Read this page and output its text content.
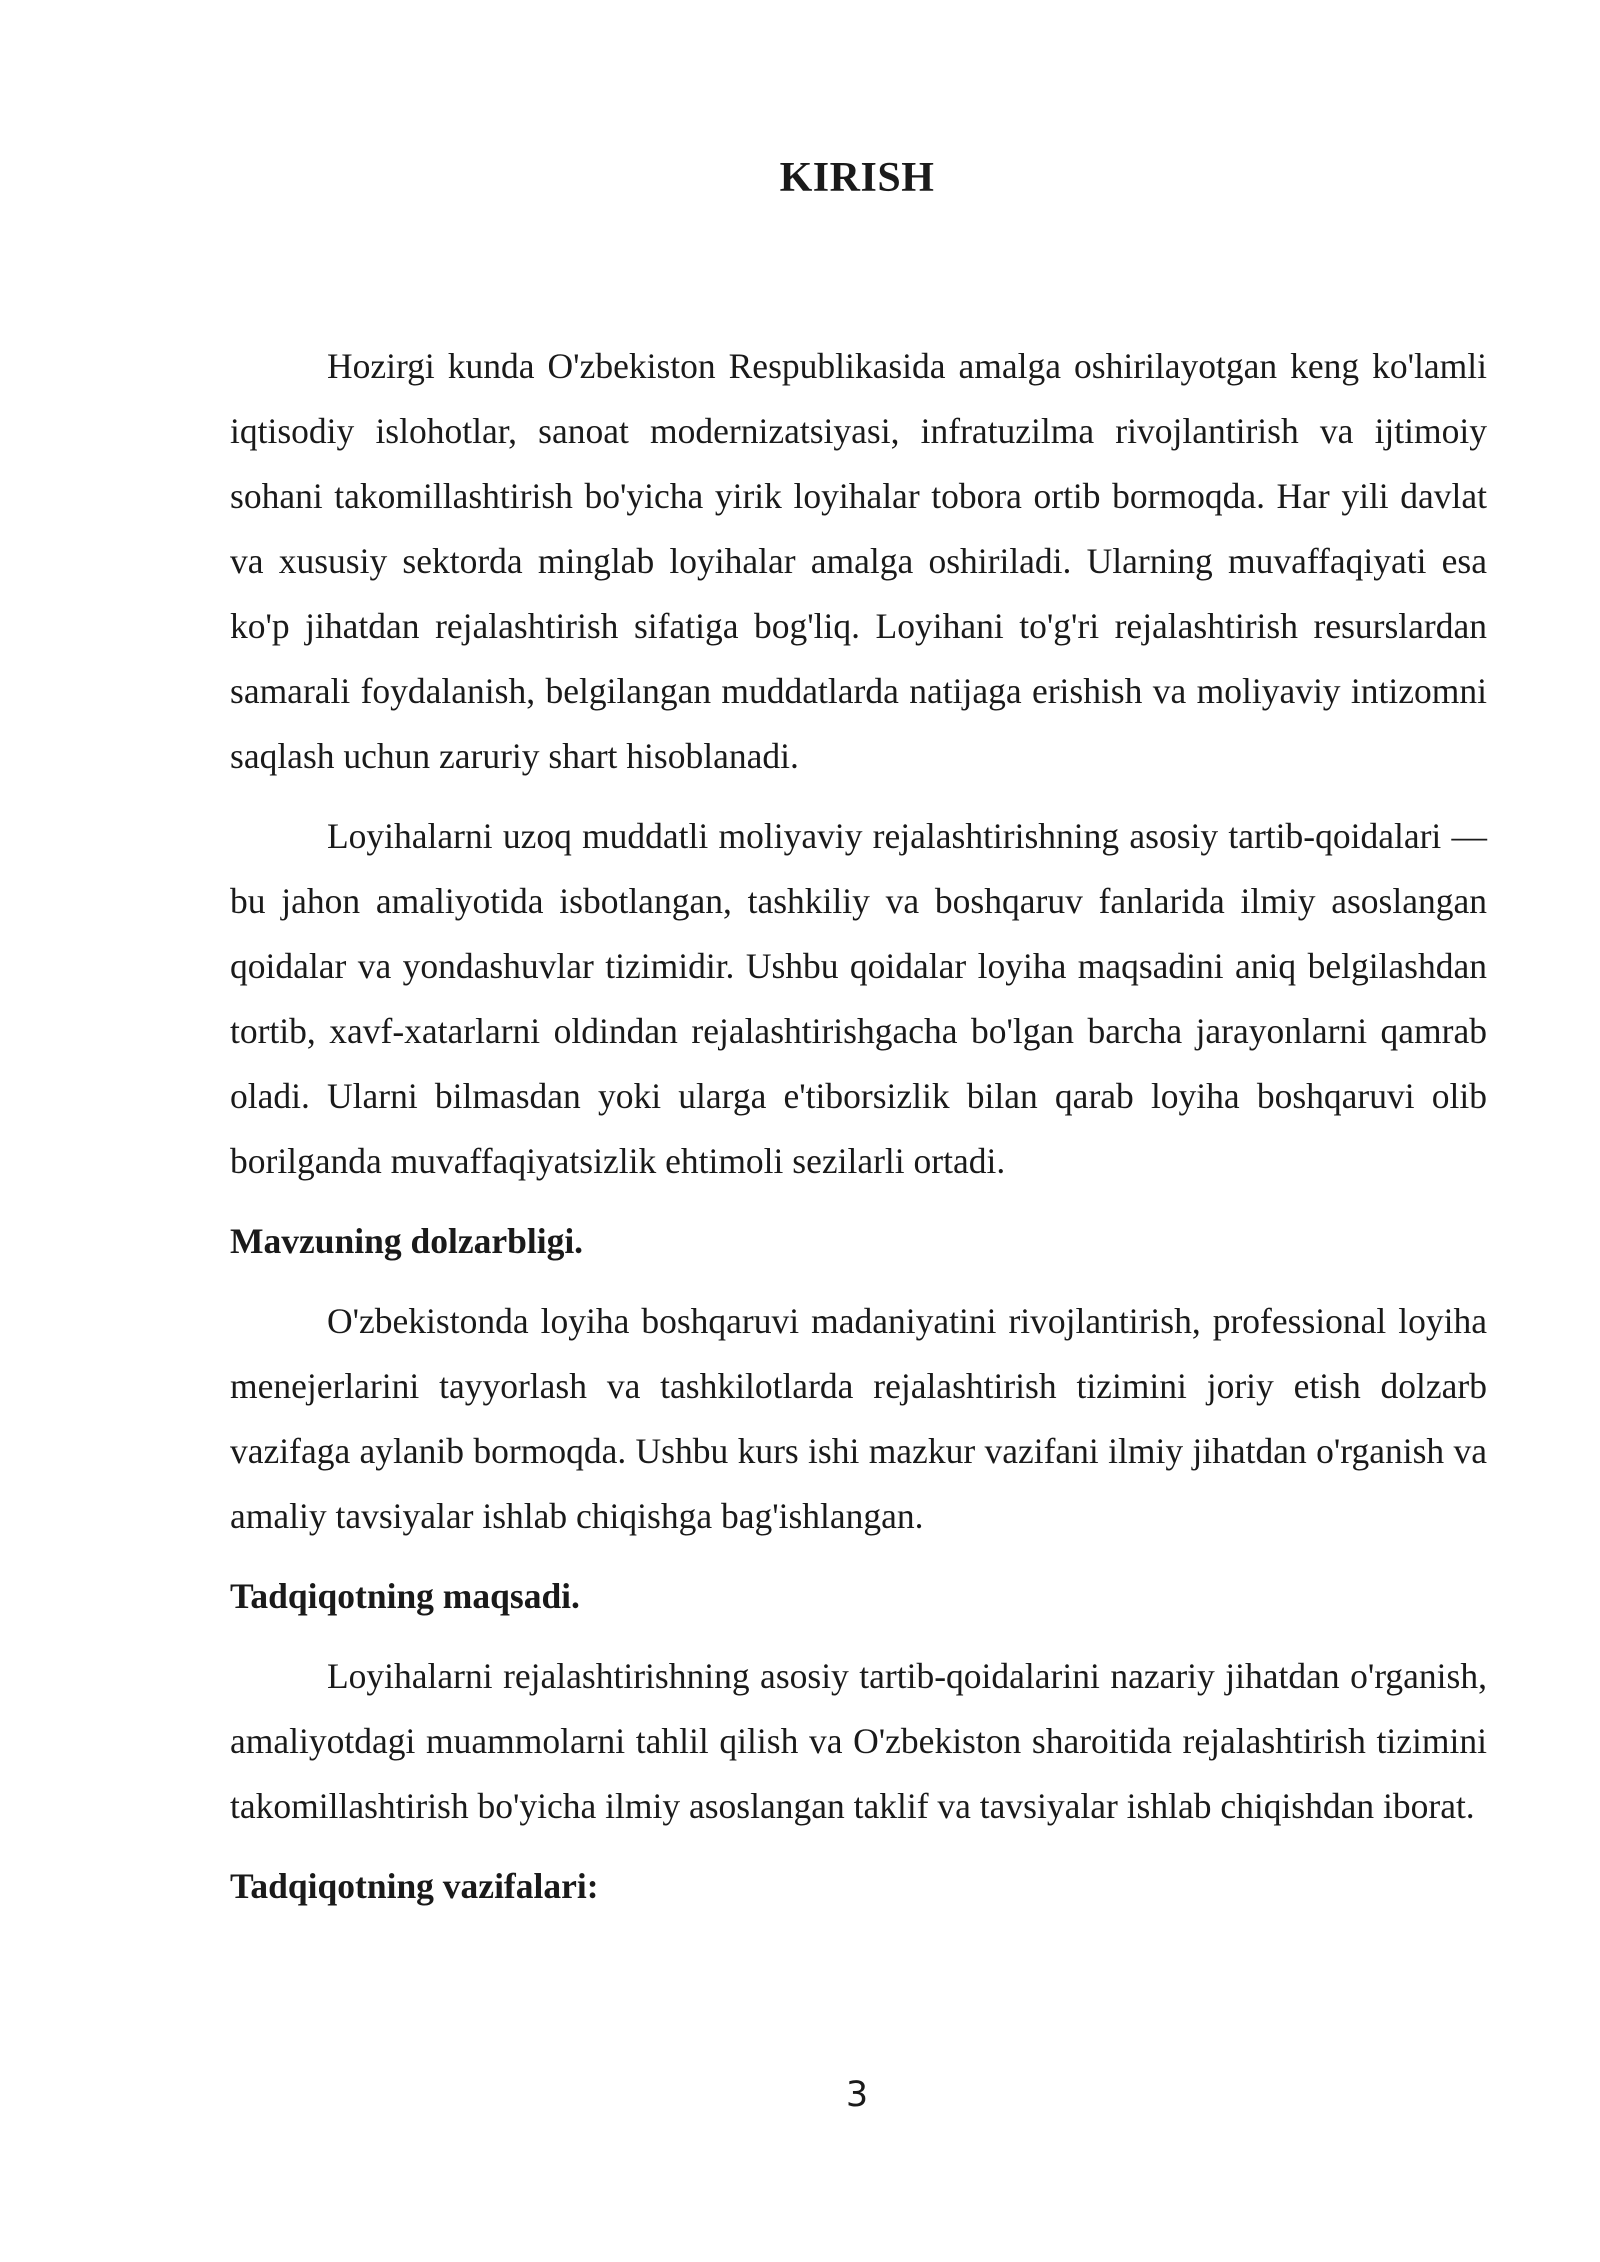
KIRISH

Hozirgi kunda O'zbekiston Respublikasida amalga oshirilayotgan keng ko'lamli iqtisodiy islohotlar, sanoat modernizatsiyasi, infratuzilma rivojlantirish va ijtimoiy sohani takomillashtirish bo'yicha yirik loyihalar tobora ortib bormoqda. Har yili davlat va xususiy sektorda minglab loyihalar amalga oshiriladi. Ularning muvaffaqiyati esa ko'p jihatdan rejalashtirish sifatiga bog'liq. Loyihani to'g'ri rejalashtirish resurslardan samarali foydalanish, belgilangan muddatlarda natijaga erishish va moliyaviy intizomni saqlash uchun zaruriy shart hisoblanadi.

Loyihalarni uzoq muddatli moliyaviy rejalashtirishning asosiy tartib-qoidalari — bu jahon amaliyotida isbotlangan, tashkiliy va boshqaruv fanlarida ilmiy asoslangan qoidalar va yondashuvlar tizimidir. Ushbu qoidalar loyiha maqsadini aniq belgilashdan tortib, xavf-xatarlarni oldindan rejalashtirishgacha bo'lgan barcha jarayonlarni qamrab oladi. Ularni bilmasdan yoki ularga e'tiborsizlik bilan qarab loyiha boshqaruvi olib borilganda muvaffaqiyatsizlik ehtimoli sezilarli ortadi.

Mavzuning dolzarbligi.

O'zbekistonda loyiha boshqaruvi madaniyatini rivojlantirish, professional loyiha menejerlarini tayyorlash va tashkilotlarda rejalashtirish tizimini joriy etish dolzarb vazifaga aylanib bormoqda. Ushbu kurs ishi mazkur vazifani ilmiy jihatdan o'rganish va amaliy tavsiyalar ishlab chiqishga bag'ishlangan.

Tadqiqotning maqsadi.

Loyihalarni rejalashtirishning asosiy tartib-qoidalarini nazariy jihatdan o'rganish, amaliyotdagi muammolarni tahlil qilish va O'zbekiston sharoitida rejalashtirish tizimini takomillashtirish bo'yicha ilmiy asoslangan taklif va tavsiyalar ishlab chiqishdan iborat.

Tadqiqotning vazifalari:

3
